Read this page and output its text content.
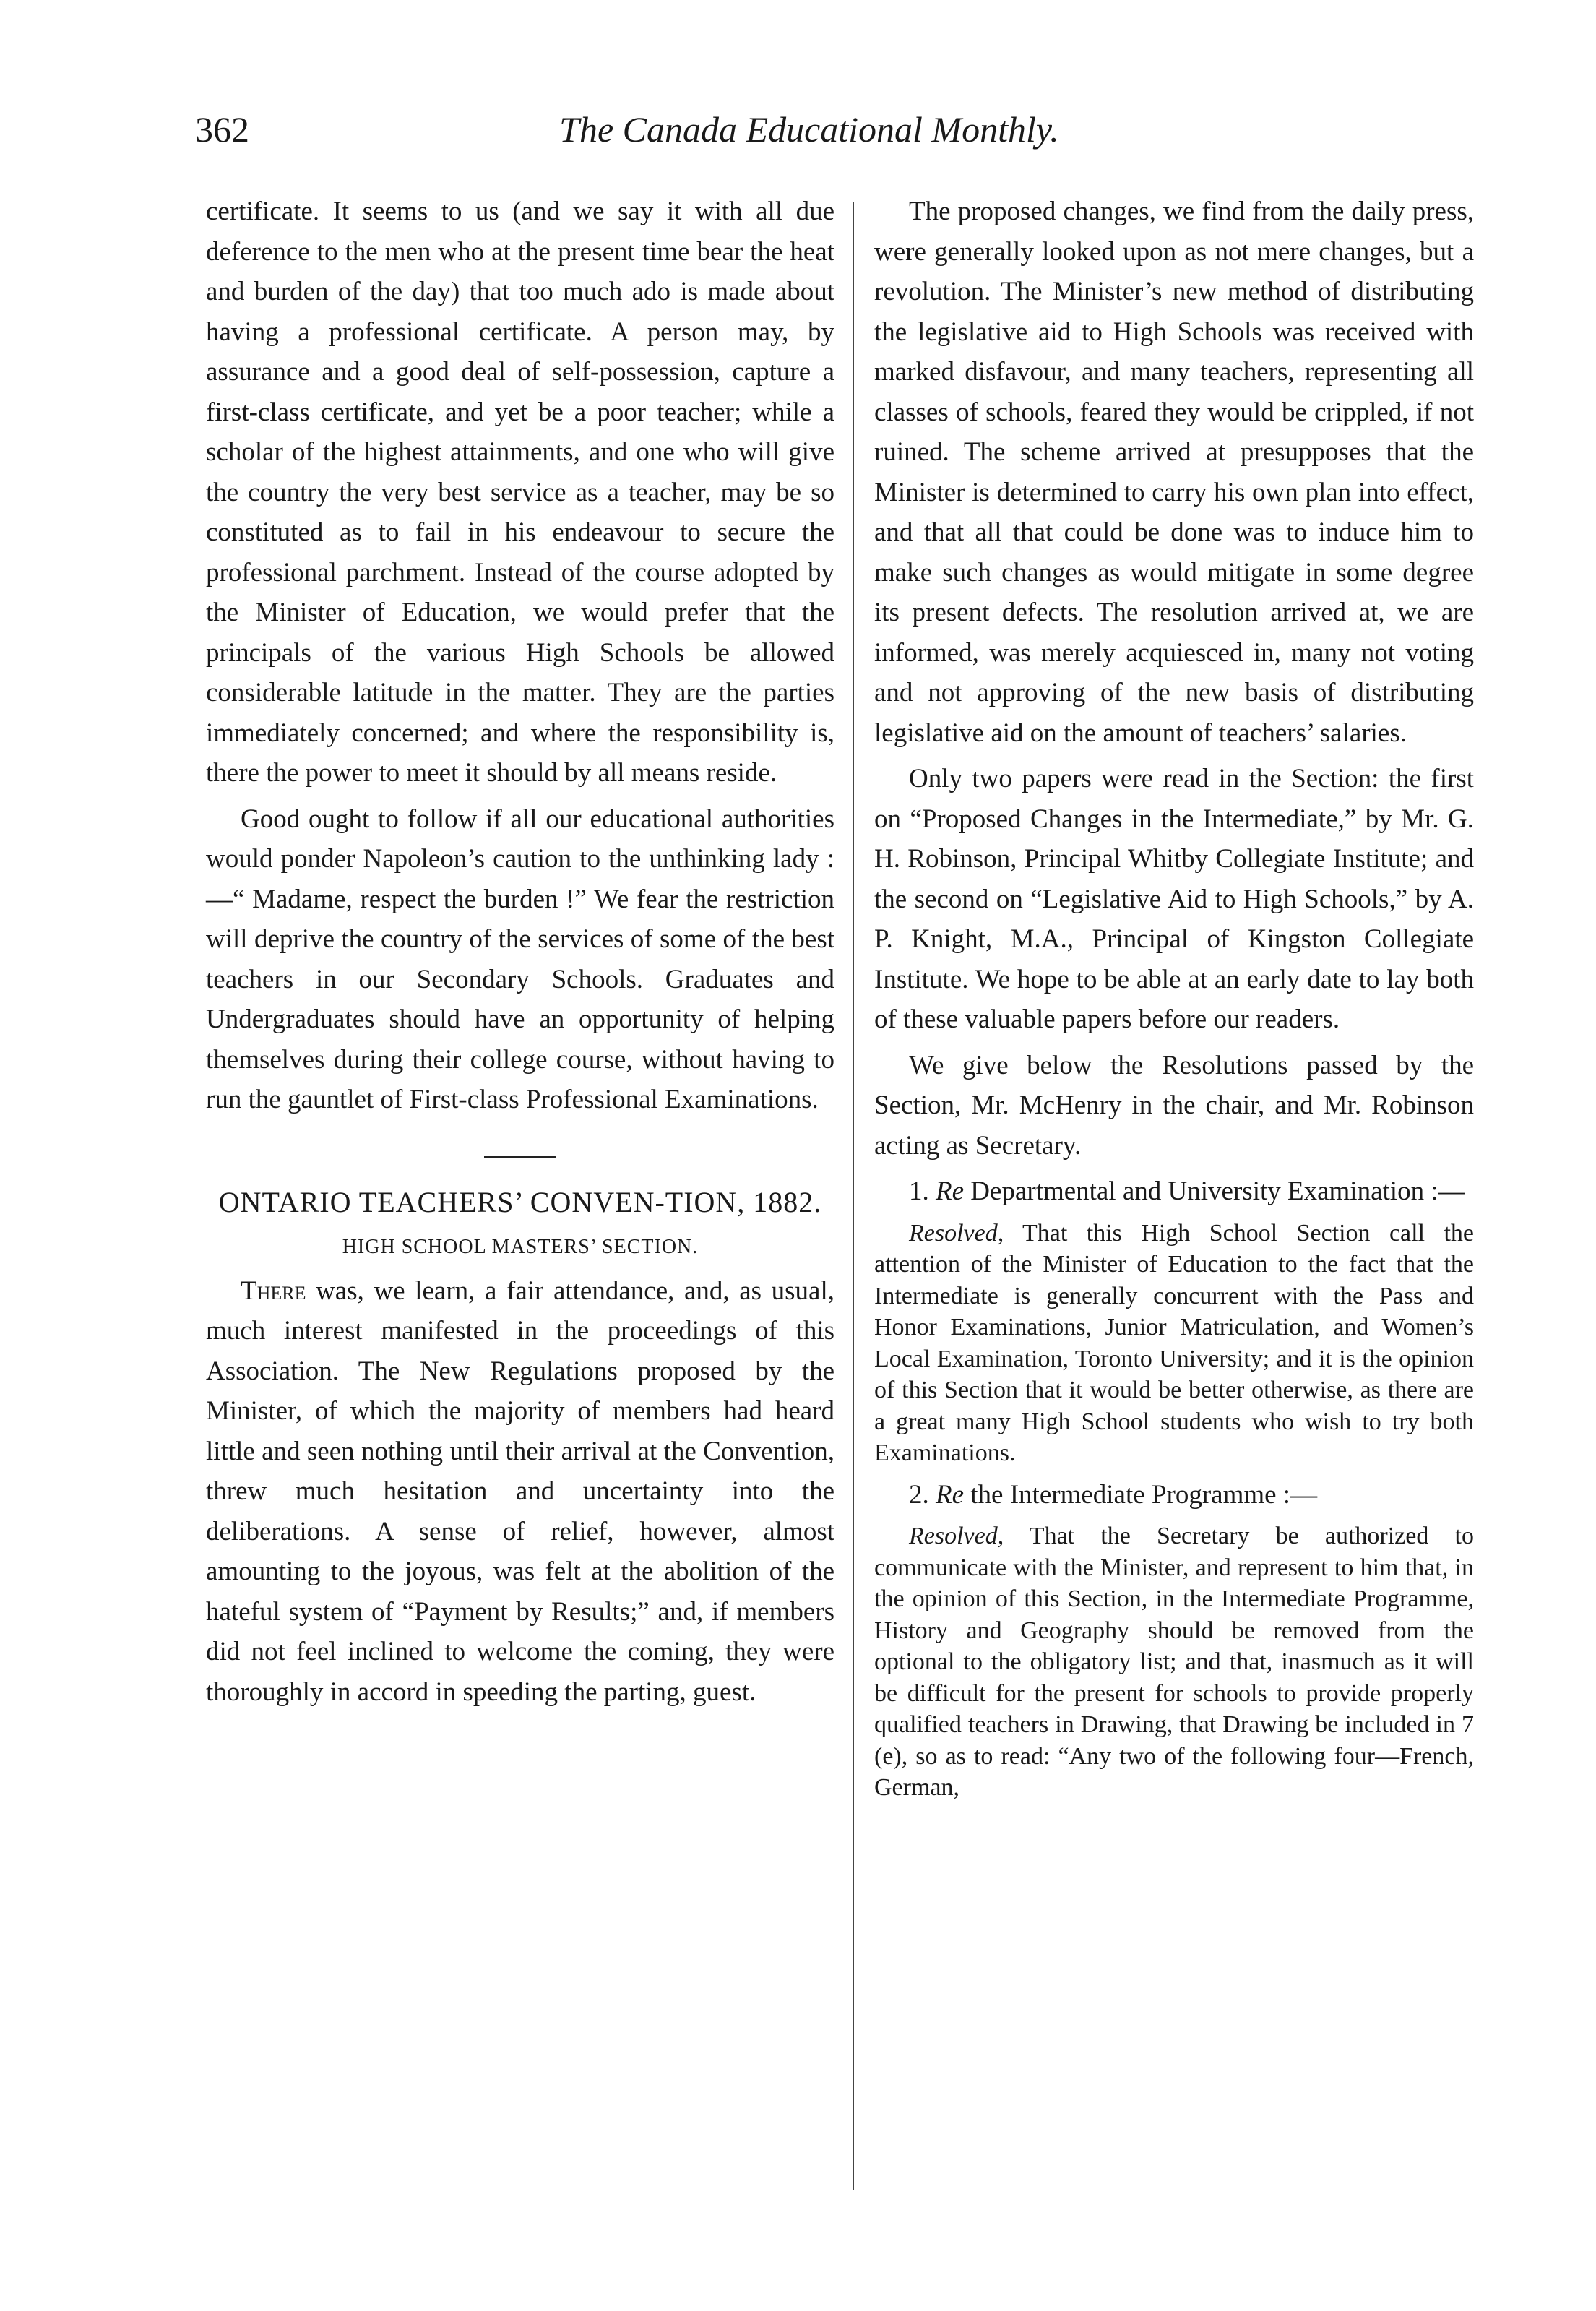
362	The Canada Educational Monthly.

certificate. It seems to us (and we say it with all due deference to the men who at the present time bear the heat and burden of the day) that too much ado is made about having a professional certificate. A person may, by assurance and a good deal of self-possession, capture a first-class certificate, and yet be a poor teacher; while a scholar of the highest attainments, and one who will give the country the very best service as a teacher, may be so constituted as to fail in his endeavour to secure the professional parchment. Instead of the course adopted by the Minister of Education, we would prefer that the principals of the various High Schools be allowed considerable latitude in the matter. They are the parties immediately concerned; and where the responsibility is, there the power to meet it should by all means reside.

Good ought to follow if all our educational authorities would ponder Napoleon’s caution to the unthinking lady :—“ Madame, respect the burden !” We fear the restriction will deprive the country of the services of some of the best teachers in our Secondary Schools. Graduates and Undergraduates should have an opportunity of helping themselves during their college course, without having to run the gauntlet of First-class Professional Examinations.

ONTARIO TEACHERS’ CONVEN-TION, 1882.
HIGH SCHOOL MASTERS’ SECTION.

There was, we learn, a fair attendance, and, as usual, much interest manifested in the proceedings of this Association. The New Regulations proposed by the Minister, of which the majority of members had heard little and seen nothing until their arrival at the Convention, threw much hesitation and uncertainty into the deliberations. A sense of relief, however, almost amounting to the joyous, was felt at the abolition of the hateful system of “Payment by Results;” and, if members did not feel inclined to welcome the coming, they were thoroughly in accord in speeding the parting, guest.

The proposed changes, we find from the daily press, were generally looked upon as not mere changes, but a revolution. The Minister’s new method of distributing the legislative aid to High Schools was received with marked disfavour, and many teachers, representing all classes of schools, feared they would be crippled, if not ruined. The scheme arrived at presupposes that the Minister is determined to carry his own plan into effect, and that all that could be done was to induce him to make such changes as would mitigate in some degree its present defects. The resolution arrived at, we are informed, was merely acquiesced in, many not voting and not approving of the new basis of distributing legislative aid on the amount of teachers’ salaries.

Only two papers were read in the Section: the first on “Proposed Changes in the Intermediate,” by Mr. G. H. Robinson, Principal Whitby Collegiate Institute; and the second on “Legislative Aid to High Schools,” by A. P. Knight, M.A., Principal of Kingston Collegiate Institute. We hope to be able at an early date to lay both of these valuable papers before our readers.

We give below the Resolutions passed by the Section, Mr. McHenry in the chair, and Mr. Robinson acting as Secretary.

1. Re Departmental and University Examination :—

Resolved, That this High School Section call the attention of the Minister of Education to the fact that the Intermediate is generally concurrent with the Pass and Honor Examinations, Junior Matriculation, and Women’s Local Examination, Toronto University; and it is the opinion of this Section that it would be better otherwise, as there are a great many High School students who wish to try both Examinations.

2. Re the Intermediate Programme :—

Resolved, That the Secretary be authorized to communicate with the Minister, and represent to him that, in the opinion of this Section, in the Intermediate Programme, History and Geography should be removed from the optional to the obligatory list; and that, inasmuch as it will be difficult for the present for schools to provide properly qualified teachers in Drawing, that Drawing be included in 7 (e), so as to read: “Any two of the following four—French, German,
